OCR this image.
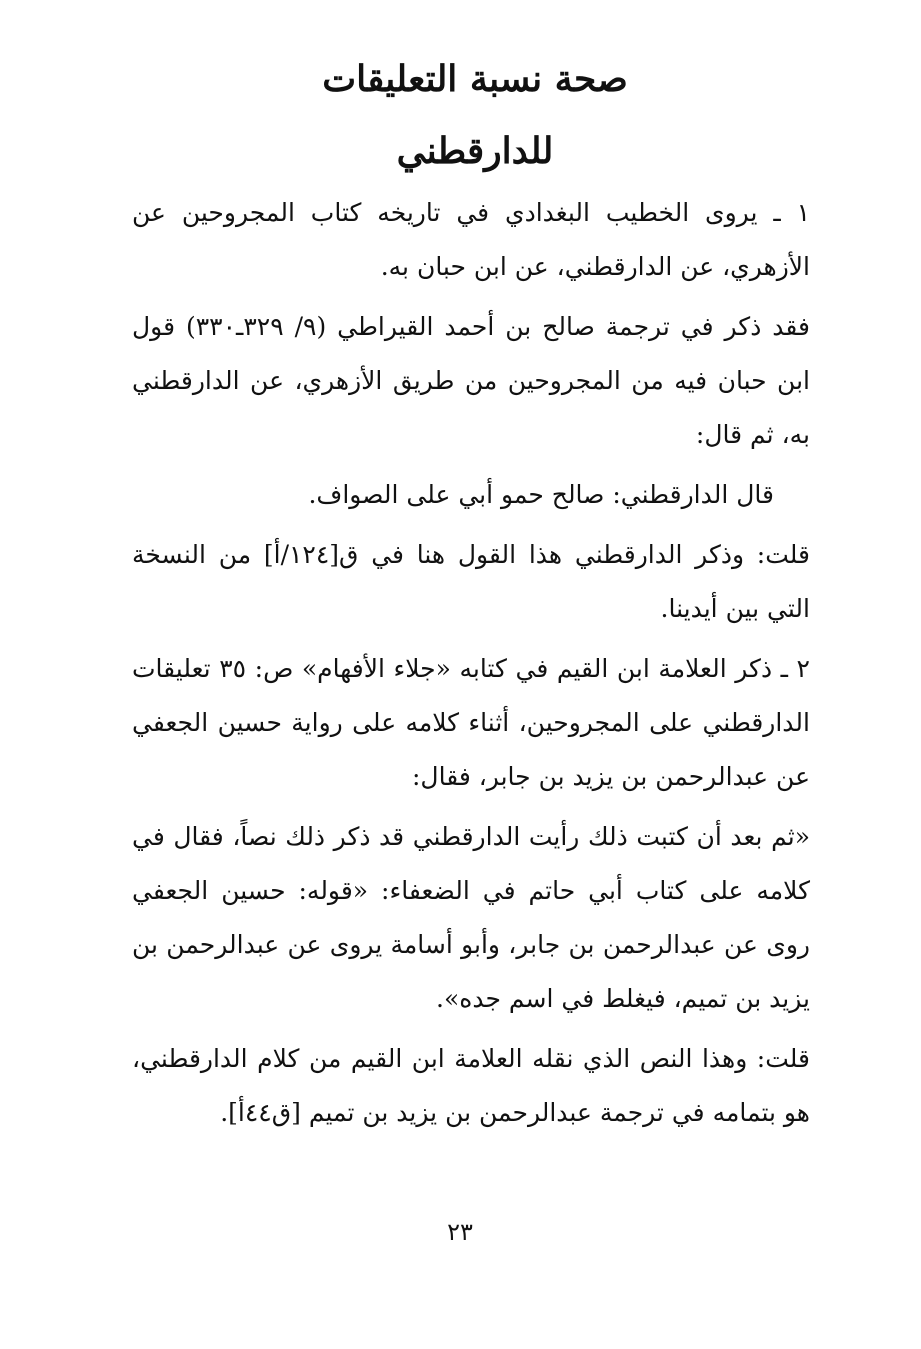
صحة نسبة التعليقات
للدارقطني

١ ـ يروى الخطيب البغدادي في تاريخه كتاب المجروحين عن الأزهري، عن الدارقطني، عن ابن حبان به.

فقد ذكر في ترجمة صالح بن أحمد القيراطي (٩/ ٣٢٩ـ٣٣٠) قول ابن حبان فيه من المجروحين من طريق الأزهري، عن الدارقطني به، ثم قال:

قال الدارقطني: صالح حمو أبي على الصواف.

قلت: وذكر الدارقطني هذا القول هنا في ق[١٢٤/أ] من النسخة التي بين أيدينا.

٢ ـ ذكر العلامة ابن القيم في كتابه «جلاء الأفهام» ص: ٣٥ تعليقات الدارقطني على المجروحين، أثناء كلامه على رواية حسين الجعفي عن عبدالرحمن بن يزيد بن جابر، فقال:

«ثم بعد أن كتبت ذلك رأيت الدارقطني قد ذكر ذلك نصاً، فقال في كلامه على كتاب أبي حاتم في الضعفاء: «قوله: حسين الجعفي روى عن عبدالرحمن بن جابر، وأبو أسامة يروى عن عبدالرحمن بن يزيد بن تميم، فيغلط في اسم جده».

قلت: وهذا النص الذي نقله العلامة ابن القيم من كلام الدارقطني، هو بتمامه في ترجمة عبدالرحمن بن يزيد بن تميم [ق٤٤أ].

٢٣
